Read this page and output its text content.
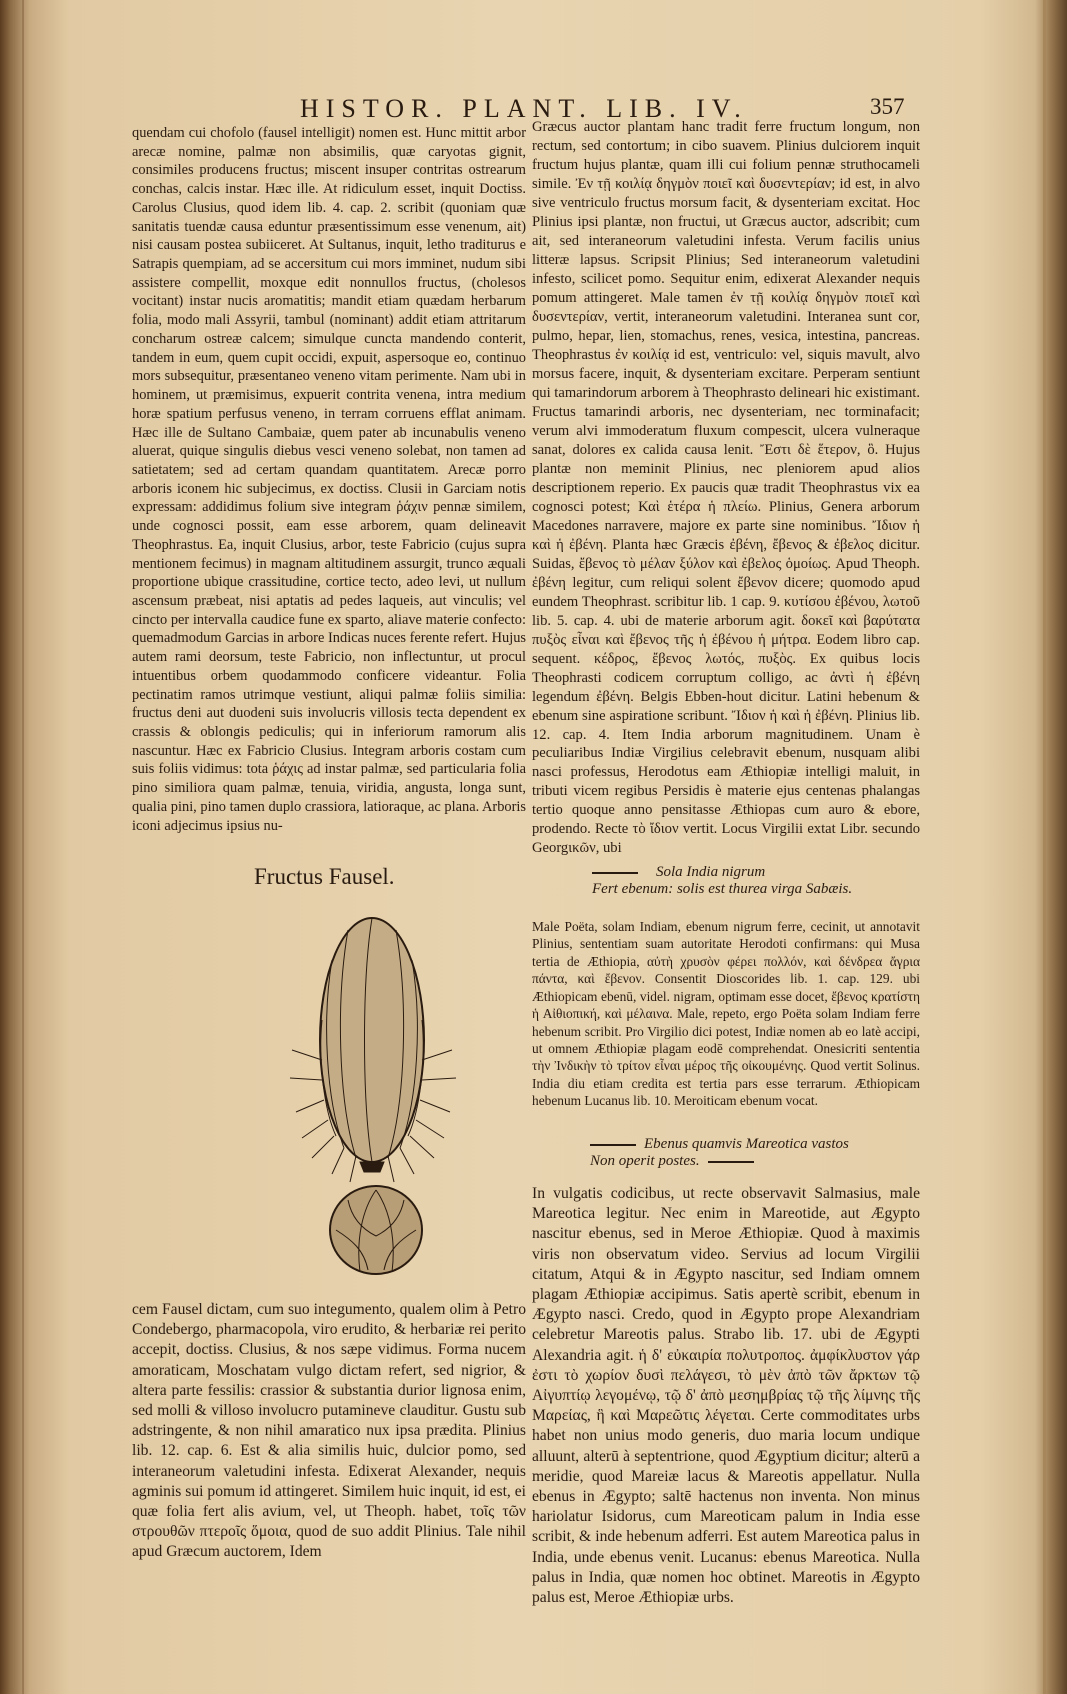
HISTOR. PLANT. LIB. IV.	357

quendam cui chofolo (fausel intelligit) nomen est. Hunc mittit arbor arecæ nomine, palmæ non absimilis, quæ caryotas gignit, consimiles producens fructus; miscent insuper contritas ostrearum conchas, calcis instar. Hæc ille. At ridiculum esset, inquit Doctiss. Carolus Clusius, quod idem lib. 4. cap. 2. scribit (quoniam quæ sanitatis tuendæ causa eduntur præsentissimum esse venenum, ait) nisi causam postea subiiceret. At Sultanus, inquit, letho traditurus e Satrapis quempiam, ad se accersitum cui mors imminet, nudum sibi assistere compellit, moxque edit nonnullos fructus, (cholesos vocitant) instar nucis aromatitis; mandit etiam quædam herbarum folia, modo mali Assyrii, tambul (nominant) addit etiam attritarum concharum ostreæ calcem; simulque cuncta mandendo conterit, tandem in eum, quem cupit occidi, expuit, aspersoque eo, continuo mors subsequitur, præsentaneo veneno vitam perimente. Nam ubi in hominem, ut præmisimus, expuerit contrita venena, intra medium horæ spatium perfusus veneno, in terram corruens efflat animam. Hæc ille de Sultano Cambaiæ, quem pater ab incunabulis veneno aluerat, quique singulis diebus vesci veneno solebat, non tamen ad satietatem; sed ad certam quandam quantitatem. Arecæ porro arboris iconem hic subjecimus, ex doctiss. Clusii in Garciam notis expressam: addidimus folium sive integram ῥάχιν pennæ similem, unde cognosci possit, eam esse arborem, quam delineavit Theophrastus. Ea, inquit Clusius, arbor, teste Fabricio (cujus supra mentionem fecimus) in magnam altitudinem assurgit, trunco æquali proportione ubique crassitudine, cortice tecto, adeo levi, ut nullum ascensum præbeat, nisi aptatis ad pedes laqueis, aut vinculis; vel cincto per intervalla caudice fune ex sparto, aliave materie confecto: quemadmodum Garcias in arbore Indicas nuces ferente refert. Hujus autem rami deorsum, teste Fabricio, non inflectuntur, ut procul intuentibus orbem quodammodo conficere videantur. Folia pectinatim ramos utrimque vestiunt, aliqui palmæ foliis similia: fructus deni aut duodeni suis involucris villosis tecta dependent ex crassis & oblongis pediculis; qui in inferiorum ramorum alis nascuntur. Hæc ex Fabricio Clusius. Integram arboris costam cum suis foliis vidimus: tota ῥάχις ad instar palmæ, sed particularia folia pino similiora quam palmæ, tenuia, viridia, angusta, longa sunt, qualia pini, pino tamen duplo crassiora, latioraque, ac plana. Arboris iconi adjecimus ipsius nu-

Fructus Fausel.

cem Fausel dictam, cum suo integumento, qualem olim à Petro Condebergo, pharmacopola, viro erudito, & herbariæ rei perito accepit, doctiss. Clusius, & nos sæpe vidimus. Forma nucem amoraticam, Moschatam vulgo dictam refert, sed nigrior, & altera parte fessilis: crassior & substantia durior lignosa enim, sed molli & villoso involucro putamineve clauditur. Gustu sub adstringente, & non nihil amaratico nux ipsa prædita. Plinius lib. 12. cap. 6. Est & alia similis huic, dulcior pomo, sed interaneorum valetudini infesta. Edixerat Alexander, nequis agminis sui pomum id attingeret. Similem huic inquit, id est, ei quæ folia fert alis avium, vel, ut Theoph. habet, τοῖς τῶν στρουθῶν πτεροῖς ὅμοια, quod de suo addit Plinius. Tale nihil apud Græcum auctorem, Idem

Græcus auctor plantam hanc tradit ferre fructum longum, non rectum, sed contortum; in cibo suavem. Plinius dulciorem inquit fructum hujus plantæ, quam illi cui folium pennæ struthocameli simile. Ἐν τῇ κοιλίᾳ δηγμὸν ποιεῖ καὶ δυσεντερίαν; id est, in alvo sive ventriculo fructus morsum facit, & dysenteriam excitat. Hoc Plinius ipsi plantæ, non fructui, ut Græcus auctor, adscribit; cum ait, sed interaneorum valetudini infesta. Verum facilis unius litteræ lapsus. Scripsit Plinius; Sed interaneorum valetudini infesto, scilicet pomo. Sequitur enim, edixerat Alexander nequis pomum attingeret. Male tamen ἐν τῇ κοιλίᾳ δηγμὸν ποιεῖ καὶ δυσεντερίαν, vertit, interaneorum valetudini. Interanea sunt cor, pulmo, hepar, lien, stomachus, renes, vesica, intestina, pancreas. Theophrastus ἐν κοιλίᾳ id est, ventriculo: vel, siquis mavult, alvo morsus facere, inquit, & dysenteriam excitare. Perperam sentiunt qui tamarindorum arborem à Theophrasto delineari hic existimant. Fructus tamarindi arboris, nec dysenteriam, nec torminafacit; verum alvi immoderatum fluxum compescit, ulcera vulneraque sanat, dolores ex calida causa lenit. Ἔστι δὲ ἕτερον, ὃ. Hujus plantæ non meminit Plinius, nec pleniorem apud alios descriptionem reperio. Ex paucis quæ tradit Theophrastus vix ea cognosci potest; Καὶ ἑτέρα ἡ πλείω. Plinius, Genera arborum Macedones narravere, majore ex parte sine nominibus. Ἴδιον ἡ καὶ ἡ ἐβένη. Planta hæc Græcis ἐβένη, ἔβενος & ἐβελος dicitur. Suidas, ἔβενος τὸ μέλαν ξύλον καὶ ἐβελος ὁμοίως. Apud Theoph. ἐβένη legitur, cum reliqui solent ἔβενον dicere; quomodo apud eundem Theophrast. scribitur lib. 1 cap. 9. κυτίσου ἐβένου, λωτοῦ lib. 5. cap. 4. ubi de materie arborum agit. δοκεῖ καὶ βαρύτατα πυξὸς εἶναι καὶ ἔβενος τῆς ἡ ἐβένου ἡ μήτρα. Eodem libro cap. sequent. κέδρος, ἔβενος λωτός, πυξὸς. Ex quibus locis Theophrasti codicem corruptum colligo, ac ἀντὶ ἡ ἐβένη legendum ἐβένη. Belgis Ebben-hout dicitur. Latini hebenum & ebenum sine aspiratione scribunt. Ἴδιον ἡ καὶ ἡ ἐβένη. Plinius lib. 12. cap. 4. Item India arborum magnitudinem. Unam è peculiaribus Indiæ Virgilius celebravit ebenum, nusquam alibi nasci professus, Herodotus eam Æthiopiæ intelligi maluit, in tributi vicem regibus Persidis è materie ejus centenas phalangas tertio quoque anno pensitasse Æthiopas cum auro & ebore, prodendo. Recte τὸ ἴδιον vertit. Locus Virgilii extat Libr. secundo Georgικῶν, ubi

Sola India nigrum
Fert ebenum: solis est thurea virga Sabæis.

Male Poëta, solam Indiam, ebenum nigrum ferre, cecinit, ut annotavit Plinius, sententiam suam autoritate Herodoti confirmans: qui Musa tertia de Æthiopia, αὐτὴ χρυσὸν φέρει πολλόν, καὶ δένδρεα ἄγρια πάντα, καὶ ἔβενον. Consentit Dioscorides lib. 1. cap. 129. ubi Æthiopicam ebenū, videl. nigram, optimam esse docet, ἔβενος κρατίστη ἡ Αἰθιοπική, καὶ μέλαινα. Male, repeto, ergo Poëta solam Indiam ferre hebenum scribit. Pro Virgilio dici potest, Indiæ nomen ab eo latè accipi, ut omnem Æthiopiæ plagam eodē comprehendat. Onesicriti sententia τὴν Ἰνδικὴν τὸ τρίτον εἶναι μέρος τῆς οἰκουμένης. Quod vertit Solinus. India diu etiam credita est tertia pars esse terrarum. Æthiopicam hebenum Lucanus lib. 10. Meroiticam ebenum vocat.

Ebenus quamvis Mareotica vastos
Non operit postes.

In vulgatis codicibus, ut recte observavit Salmasius, male Mareotica legitur. Nec enim in Mareotide, aut Ægypto nascitur ebenus, sed in Meroe Æthiopiæ. Quod à maximis viris non observatum video. Servius ad locum Virgilii citatum, Atqui & in Ægypto nascitur, sed Indiam omnem plagam Æthiopiæ accipimus. Satis apertè scribit, ebenum in Ægypto nasci. Credo, quod in Ægypto prope Alexandriam celebretur Mareotis palus. Strabo lib. 17. ubi de Ægypti Alexandria agit. ἡ δ' εὐκαιρία πολυτροπος. ἀμφίκλυστον γάρ ἐστι τὸ χωρίον δυσὶ πελάγεσι, τὸ μὲν ἀπὸ τῶν ἄρκτων τῷ Αἰγυπτίῳ λεγομένῳ, τῷ δ' ἀπὸ μεσημβρίας τῷ τῆς λίμνης τῆς Μαρείας, ἣ καὶ Μαρεῶτις λέγεται. Certe commoditates urbs habet non unius modo generis, duo maria locum undique alluunt, alterū à septentrione, quod Ægyptium dicitur; alterū a meridie, quod Mareiæ lacus & Mareotis appellatur. Nulla ebenus in Ægypto; saltē hactenus non inventa. Non minus hariolatur Isidorus, cum Mareoticam palum in India esse scribit, & inde hebenum adferri. Est autem Mareotica palus in India, unde ebenus venit. Lucanus: ebenus Mareotica. Nulla palus in India, quæ nomen hoc obtinet. Mareotis in Ægypto palus est, Meroe Æthiopiæ urbs.
